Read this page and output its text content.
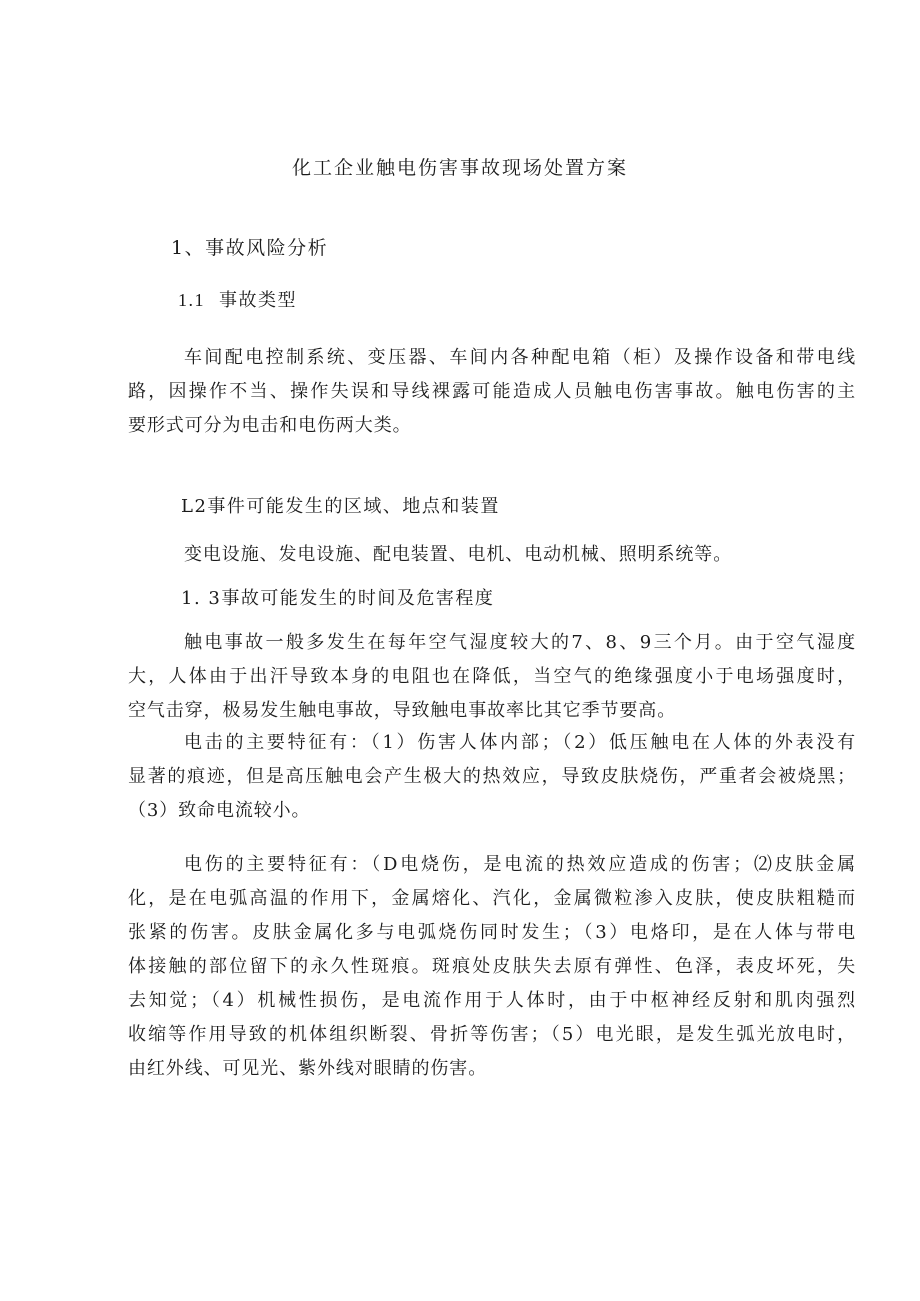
化工企业触电伤害事故现场处置方案
1、事故风险分析
1.1 事故类型
车间配电控制系统、变压器、车间内各种配电箱（柜）及操作设备和带电线
路，因操作不当、操作失误和导线裸露可能造成人员触电伤害事故。触电伤害的主
要形式可分为电击和电伤两大类。
L2事件可能发生的区域、地点和装置
变电设施、发电设施、配电装置、电机、电动机械、照明系统等。
1. 3事故可能发生的时间及危害程度
触电事故一般多发生在每年空气湿度较大的7、8、9三个月。由于空气湿度
大，人体由于出汗导致本身的电阻也在降低，当空气的绝缘强度小于电场强度时，
空气击穿，极易发生触电事故，导致触电事故率比其它季节要高。
电击的主要特征有：（1）伤害人体内部；（2）低压触电在人体的外表没有
显著的痕迹，但是高压触电会产生极大的热效应，导致皮肤烧伤，严重者会被烧黑；
（3）致命电流较小。
电伤的主要特征有：（D电烧伤，是电流的热效应造成的伤害；⑵皮肤金属
化，是在电弧高温的作用下，金属熔化、汽化，金属微粒渗入皮肤，使皮肤粗糙而
张紧的伤害。皮肤金属化多与电弧烧伤同时发生；（3）电烙印，是在人体与带电
体接触的部位留下的永久性斑痕。斑痕处皮肤失去原有弹性、色泽，表皮坏死，失
去知觉；（4）机械性损伤，是电流作用于人体时，由于中枢神经反射和肌肉强烈
收缩等作用导致的机体组织断裂、骨折等伤害；（5）电光眼，是发生弧光放电时，
由红外线、可见光、紫外线对眼睛的伤害。
